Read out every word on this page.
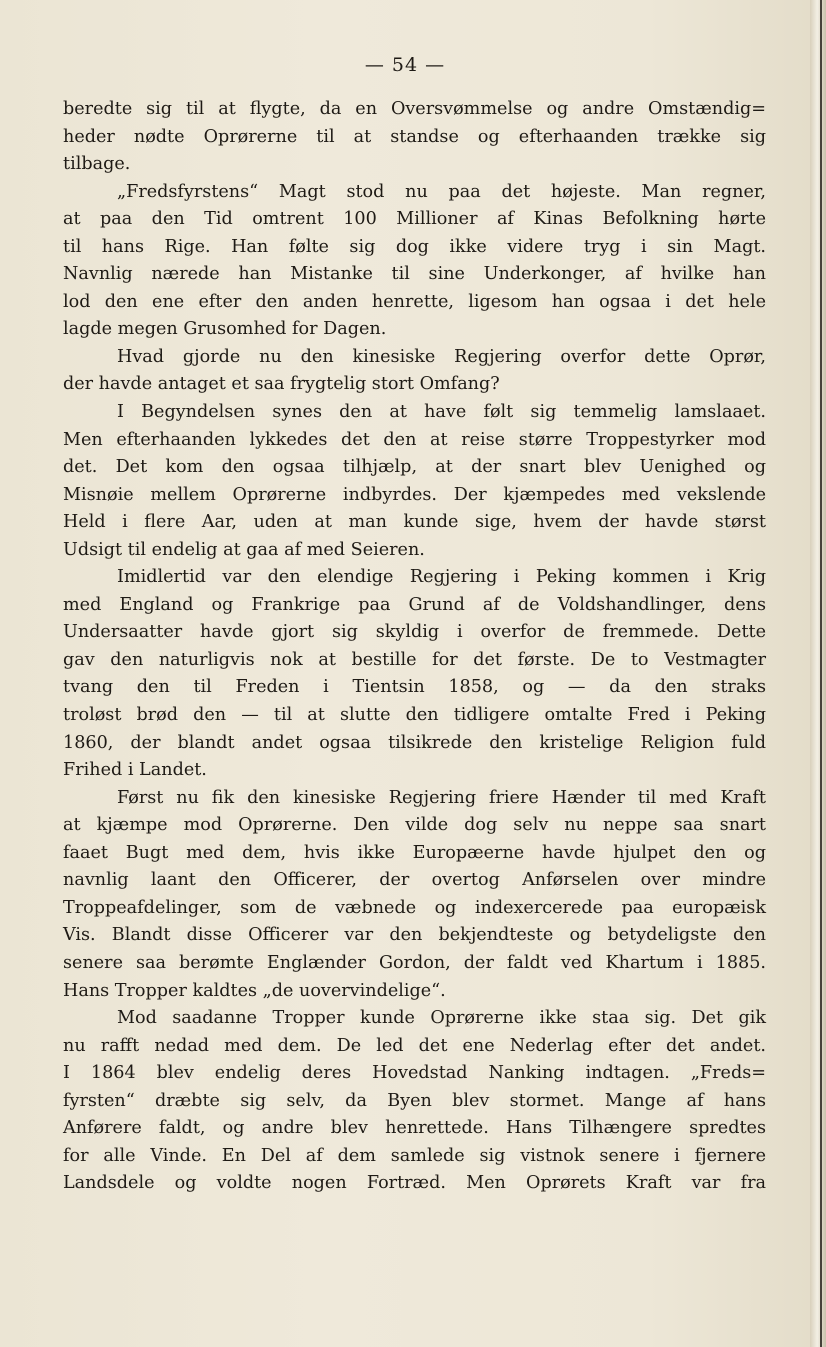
— 54 —
beredte sig til at flygte, da en Oversvømmelse og andre Omstændig=
heder nødte Oprørerne til at standse og efterhaanden trække sig
tilbage.
„Fredsfyrstens“ Magt stod nu paa det højeste. Man regner,
at paa den Tid omtrent 100 Millioner af Kinas Befolkning hørte
til hans Rige. Han følte sig dog ikke videre tryg i sin Magt.
Navnlig nærede han Mistanke til sine Underkonger, af hvilke han
lod den ene efter den anden henrette, ligesom han ogsaa i det hele
lagde megen Grusomhed for Dagen.
Hvad gjorde nu den kinesiske Regjering overfor dette Oprør,
der havde antaget et saa frygtelig stort Omfang?
I Begyndelsen synes den at have følt sig temmelig lamslaaet.
Men efterhaanden lykkedes det den at reise større Troppestyrker mod
det. Det kom den ogsaa tilhjælp, at der snart blev Uenighed og
Misnøie mellem Oprørerne indbyrdes. Der kjæmpedes med vekslende
Held i flere Aar, uden at man kunde sige, hvem der havde størst
Udsigt til endelig at gaa af med Seieren.
Imidlertid var den elendige Regjering i Peking kommen i Krig
med England og Frankrige paa Grund af de Voldshandlinger, dens
Undersaatter havde gjort sig skyldig i overfor de fremmede. Dette
gav den naturligvis nok at bestille for det første. De to Vestmagter
tvang den til Freden i Tientsin 1858, og — da den straks
troløst brød den — til at slutte den tidligere omtalte Fred i Peking
1860, der blandt andet ogsaa tilsikrede den kristelige Religion fuld
Frihed i Landet.
Først nu fik den kinesiske Regjering friere Hænder til med Kraft
at kjæmpe mod Oprørerne. Den vilde dog selv nu neppe saa snart
faaet Bugt med dem, hvis ikke Europæerne havde hjulpet den og
navnlig laant den Officerer, der overtog Anførselen over mindre
Troppeafdelinger, som de væbnede og indexercerede paa europæisk
Vis. Blandt disse Officerer var den bekjendteste og betydeligste den
senere saa berømte Englænder Gordon, der faldt ved Khartum i 1885.
Hans Tropper kaldtes „de uovervindelige“.
Mod saadanne Tropper kunde Oprørerne ikke staa sig. Det gik
nu rafft nedad med dem. De led det ene Nederlag efter det andet.
I 1864 blev endelig deres Hovedstad Nanking indtagen. „Freds=
fyrsten“ dræbte sig selv, da Byen blev stormet. Mange af hans
Anførere faldt, og andre blev henrettede. Hans Tilhængere spredtes
for alle Vinde. En Del af dem samlede sig vistnok senere i fjernere
Landsdele og voldte nogen Fortræd. Men Oprørets Kraft var fra
